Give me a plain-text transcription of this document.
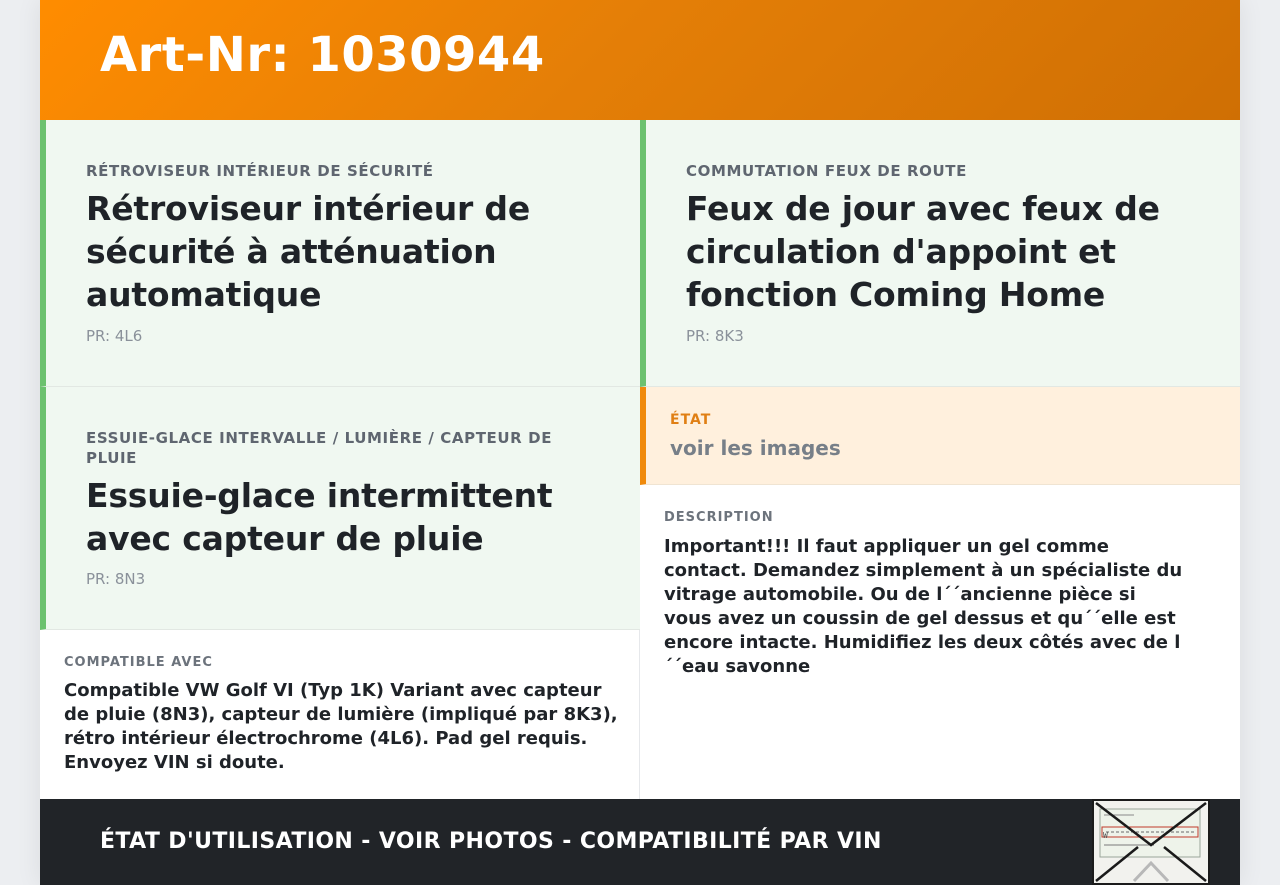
Art-Nr: 1030944
RÉTROVISEUR INTÉRIEUR DE SÉCURITÉ
Rétroviseur intérieur de sécurité à atténuation automatique
PR: 4L6
COMMUTATION FEUX DE ROUTE
Feux de jour avec feux de circulation d'appoint et fonction Coming Home
PR: 8K3
ESSUIE-GLACE INTERVALLE / LUMIÈRE / CAPTEUR DE PLUIE
Essuie-glace intermittent avec capteur de pluie
PR: 8N3
ÉTAT
voir les images
DESCRIPTION

Important!!! Il faut appliquer un gel comme contact. Demandez simplement à un spécialiste du vitrage automobile. Ou de l´´ancienne pièce si vous avez un coussin de gel dessus et qu´´elle est encore intacte. Humidifiez les deux côtés avec de l´´eau savonne

COMPATIBLE AVEC

Compatible VW Golf VI (Typ 1K) Variant avec capteur de pluie (8N3), capteur de lumière (impliqué par 8K3), rétro intérieur électrochrome (4L6). Pad gel requis. Envoyez VIN si doute.

ÉTAT D'UTILISATION - VOIR PHOTOS - COMPATIBILITÉ PAR VIN	W
